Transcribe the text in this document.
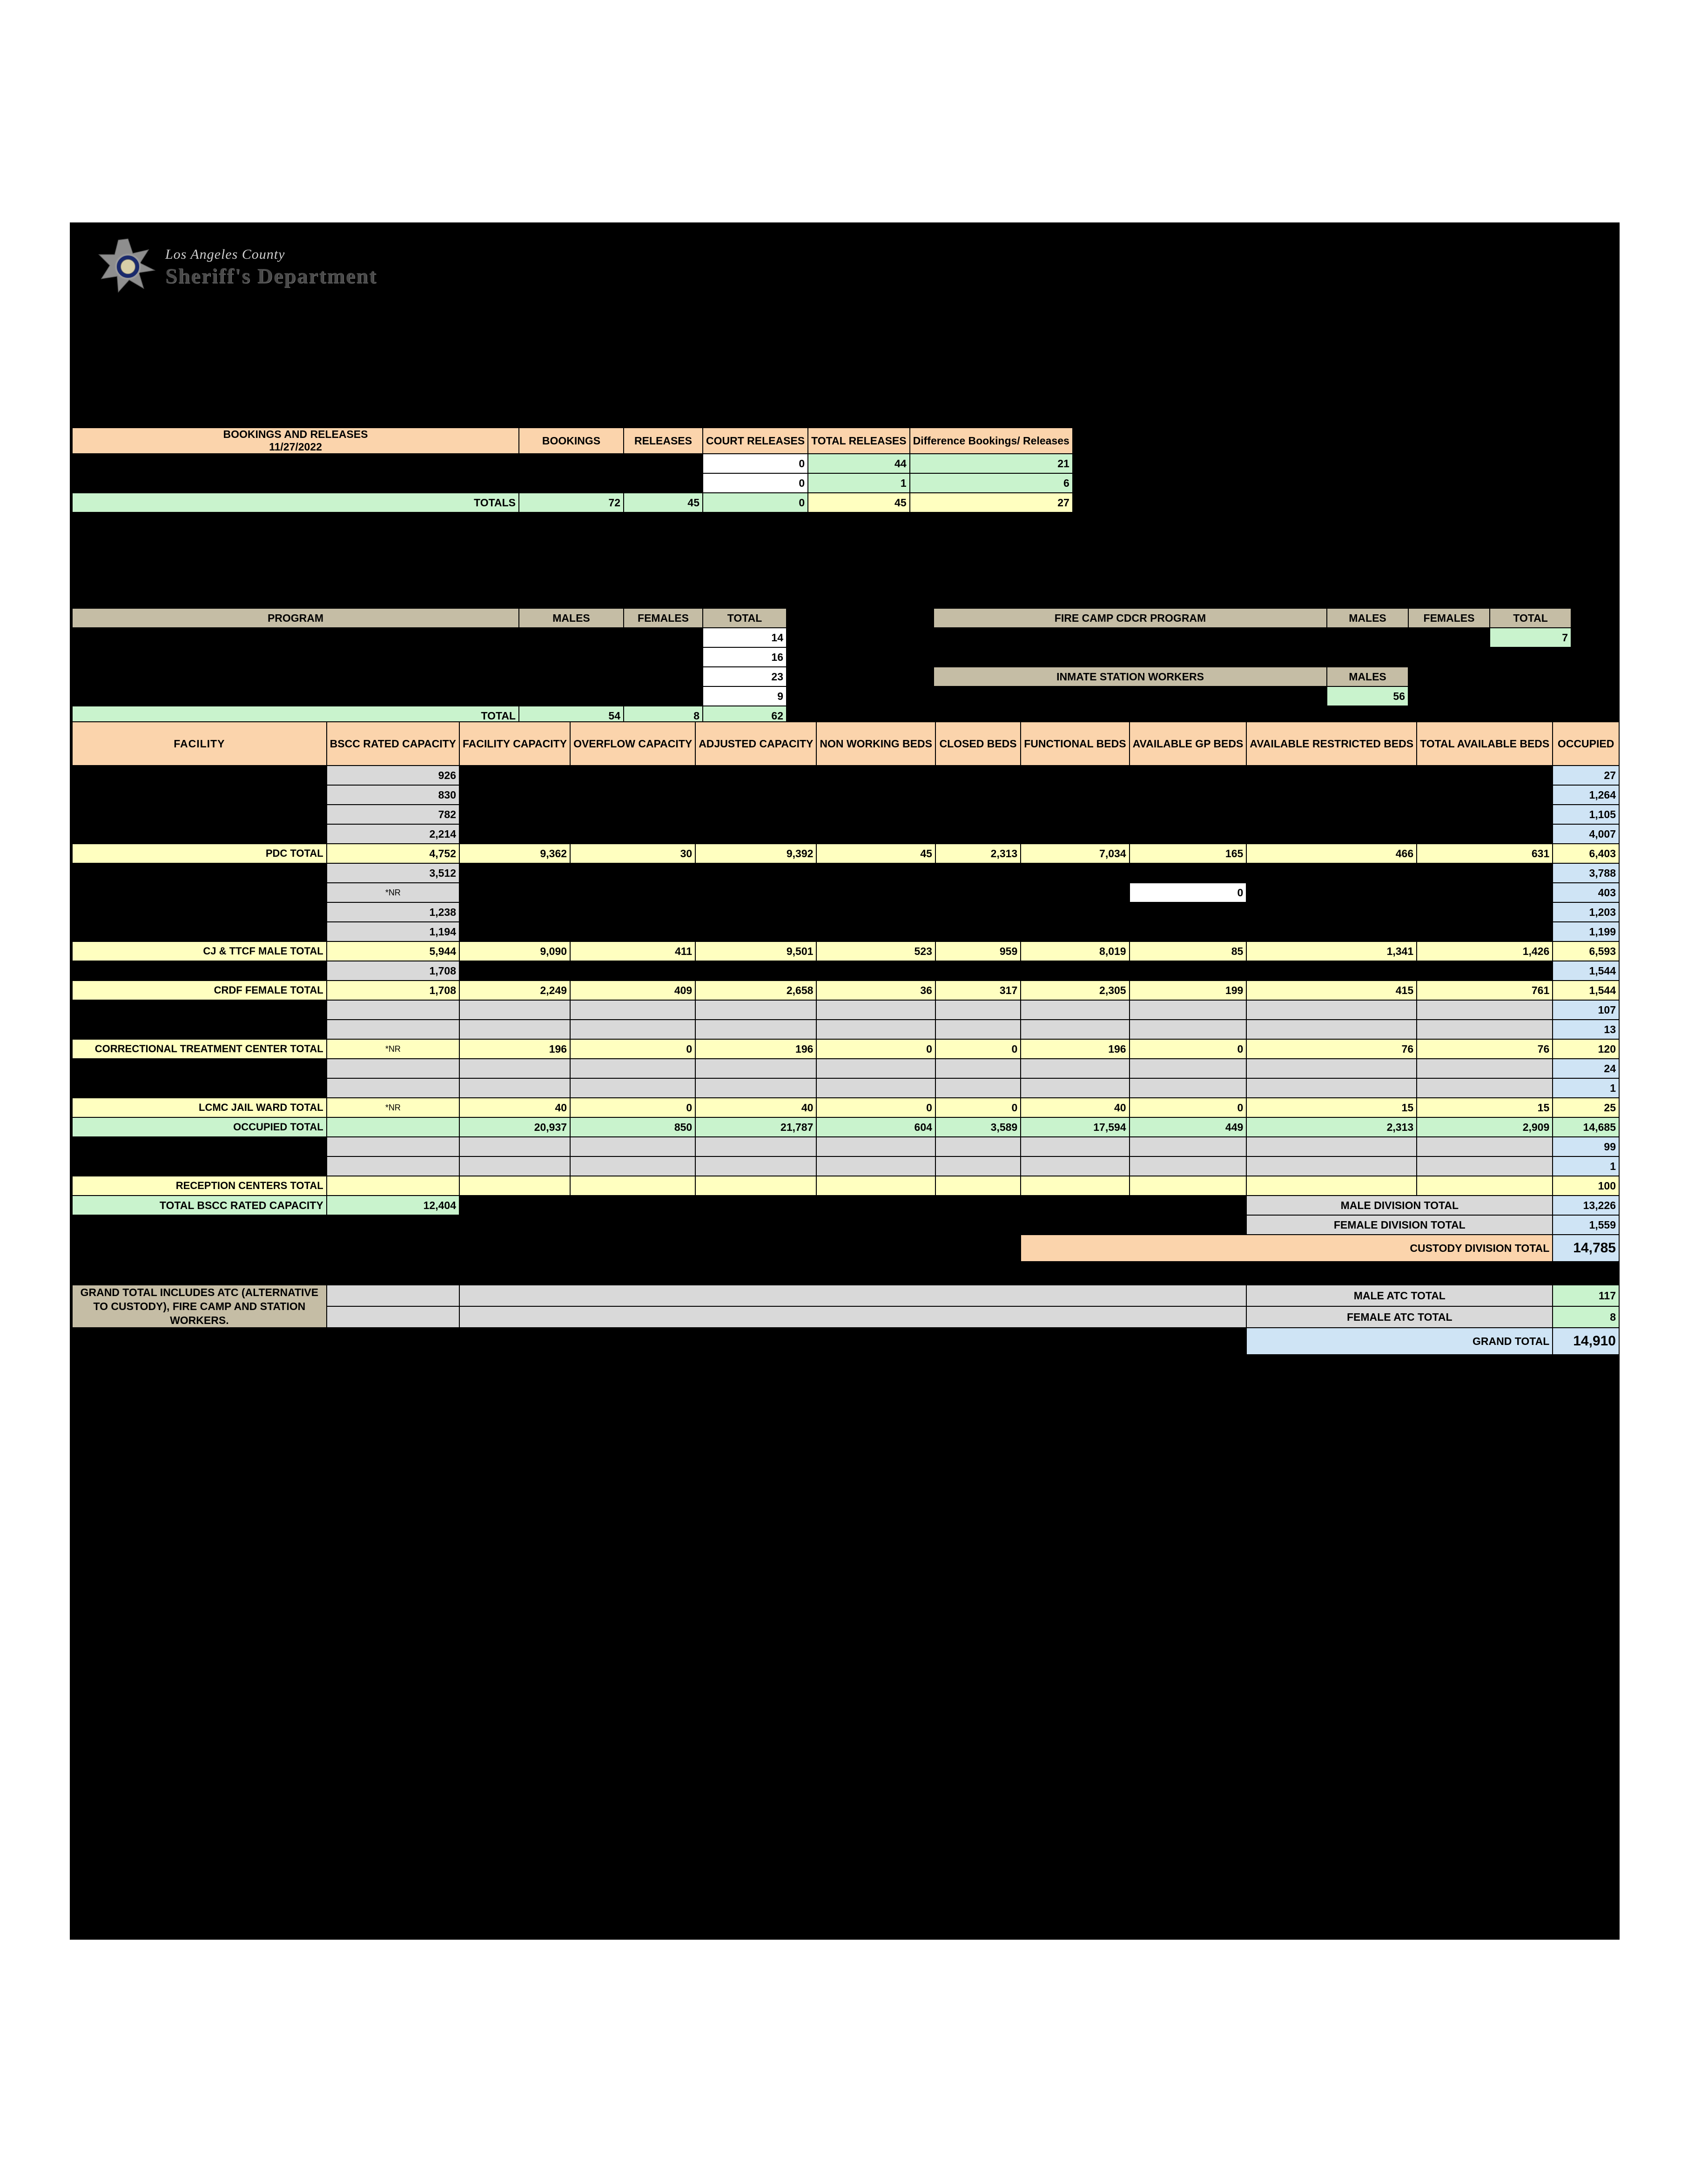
Los Angeles County
Sheriff's Department
BOOKINGS AND RELEASES
11/27/2022	BOOKINGS	RELEASES	COURT RELEASES	TOTAL RELEASES	Difference Bookings/ Releases
			0	44	21
			0	1	6
TOTALS	72	45	0	45	27
PROGRAM	MALES	FEMALES	TOTAL
			14
			16
			23
			9
TOTAL	54	8	62
FIRE CAMP CDCR PROGRAM	MALES	FEMALES	TOTAL
			7

INMATE STATION WORKERS	MALES		
	56		
FACILITY	BSCC RATED CAPACITY	FACILITY CAPACITY	OVERFLOW CAPACITY	ADJUSTED CAPACITY	NON WORKING BEDS	CLOSED BEDS	FUNCTIONAL BEDS	AVAILABLE GP BEDS	AVAILABLE RESTRICTED BEDS	TOTAL AVAILABLE BEDS	OCCUPIED
	926										27
	830										1,264
	782										1,105
	2,214										4,007
PDC TOTAL	4,752	9,362	30	9,392	45	2,313	7,034	165	466	631	6,403
	3,512										3,788
	*NR							0			403
	1,238										1,203
	1,194										1,199
CJ & TTCF MALE TOTAL	5,944	9,090	411	9,501	523	959	8,019	85	1,341	1,426	6,593
	1,708										1,544
CRDF FEMALE TOTAL	1,708	2,249	409	2,658	36	317	2,305	199	415	761	1,544
											107
											13
CORRECTIONAL TREATMENT CENTER TOTAL	*NR	196	0	196	0	0	196	0	76	76	120
											24
											1
LCMC JAIL WARD TOTAL	*NR	40	0	40	0	0	40	0	15	15	25
OCCUPIED TOTAL		20,937	850	21,787	604	3,589	17,594	449	2,313	2,909	14,685
											99
											1
RECEPTION CENTERS TOTAL											100
TOTAL BSCC RATED CAPACITY	12,404								MALE DIVISION TOTAL		13,226
									FEMALE DIVISION TOTAL		1,559
							CUSTODY DIVISION TOTAL				14,785

GRAND TOTAL INCLUDES ATC (ALTERNATIVE TO CUSTODY), FIRE CAMP AND STATION WORKERS.									MALE ATC TOTAL		117
									FEMALE ATC TOTAL		8
									GRAND TOTAL		14,910
